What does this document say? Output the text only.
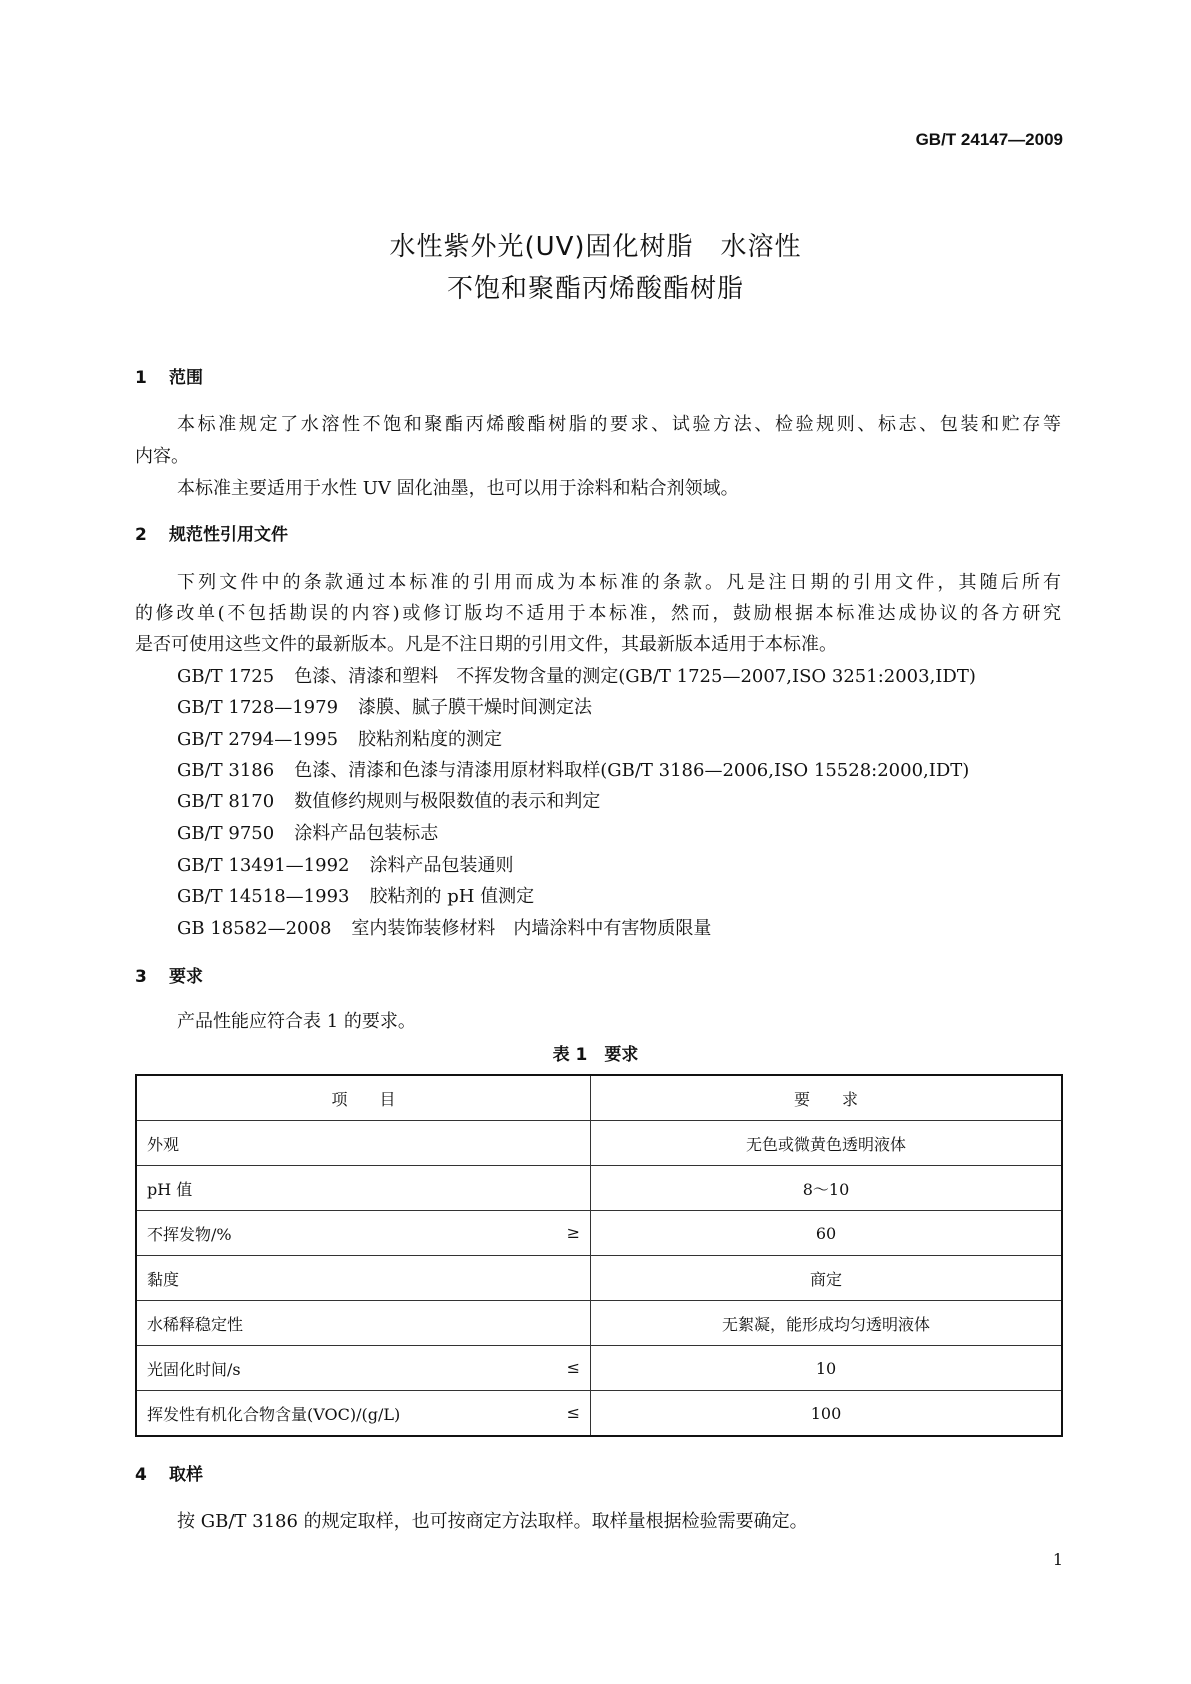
GB/T 24147—2009
水性紫外光(UV)固化树脂　水溶性
不饱和聚酯丙烯酸酯树脂
1 范围
本标准规定了水溶性不饱和聚酯丙烯酸酯树脂的要求、试验方法、检验规则、标志、包装和贮存等
内容。
本标准主要适用于水性 UV 固化油墨，也可以用于涂料和粘合剂领域。
2 规范性引用文件
下列文件中的条款通过本标准的引用而成为本标准的条款。凡是注日期的引用文件，其随后所有
的修改单(不包括勘误的内容)或修订版均不适用于本标准，然而，鼓励根据本标准达成协议的各方研究
是否可使用这些文件的最新版本。凡是不注日期的引用文件，其最新版本适用于本标准。
GB/T 1725 色漆、清漆和塑料　不挥发物含量的测定(GB/T 1725—2007,ISO 3251:2003,IDT)
GB/T 1728—1979 漆膜、腻子膜干燥时间测定法
GB/T 2794—1995 胶粘剂粘度的测定
GB/T 3186 色漆、清漆和色漆与清漆用原材料取样(GB/T 3186—2006,ISO 15528:2000,IDT)
GB/T 8170 数值修约规则与极限数值的表示和判定
GB/T 9750 涂料产品包装标志
GB/T 13491—1992 涂料产品包装通则
GB/T 14518—1993 胶粘剂的 pH 值测定
GB 18582—2008 室内装饰装修材料　内墙涂料中有害物质限量
3 要求
产品性能应符合表 1 的要求。
表 1　要求
项　　目	要　　求
外观	无色或微黄色透明液体
pH 值	8～10
不挥发物/% ≥	60
黏度	商定
水稀释稳定性	无絮凝，能形成均匀透明液体
光固化时间/s ≤	10
挥发性有机化合物含量(VOC)/(g/L) ≤	100
4 取样
按 GB/T 3186 的规定取样，也可按商定方法取样。取样量根据检验需要确定。
1
